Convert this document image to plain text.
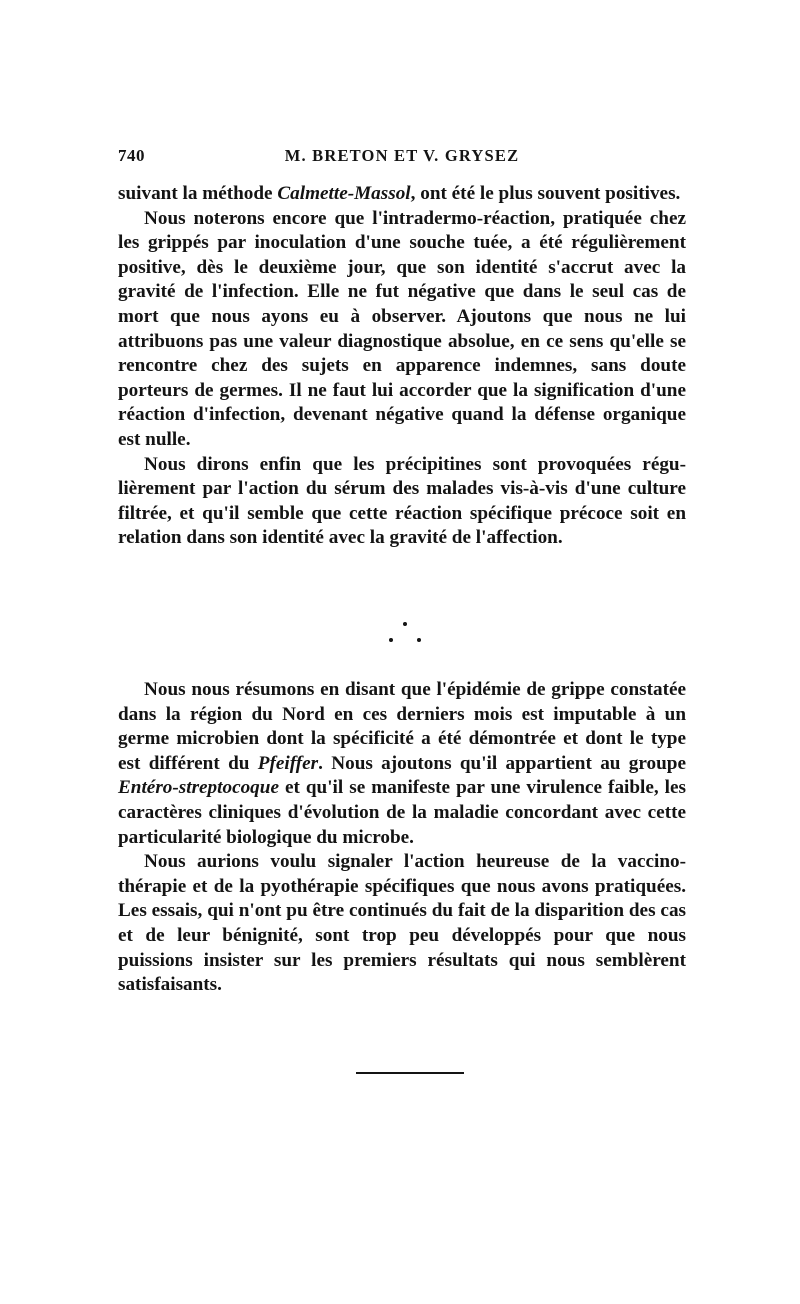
740	M. BRETON ET V. GRYSEZ

suivant la méthode Calmette-Massol, ont été le plus souvent positives.

Nous noterons encore que l'intradermo-réaction, pratiquée chez les grippés par inoculation d'une souche tuée, a été régulièrement positive, dès le deuxième jour, que son identité s'accrut avec la gravité de l'infection. Elle ne fut négative que dans le seul cas de mort que nous ayons eu à observer. Ajoutons que nous ne lui attribuons pas une valeur diagnostique absolue, en ce sens qu'elle se rencontre chez des sujets en apparence indemnes, sans doute porteurs de germes. Il ne faut lui accorder que la signification d'une réaction d'infection, devenant négative quand la défense organique est nulle.

Nous dirons enfin que les précipitines sont provoquées régulièrement par l'action du sérum des malades vis-à-vis d'une culture filtrée, et qu'il semble que cette réaction spécifique précoce soit en relation dans son identité avec la gravité de l'affection.

Nous nous résumons en disant que l'épidémie de grippe constatée dans la région du Nord en ces derniers mois est imputable à un germe microbien dont la spécificité a été démontrée et dont le type est différent du Pfeiffer. Nous ajoutons qu'il appartient au groupe Entéro-streptocoque et qu'il se manifeste par une virulence faible, les caractères cliniques d'évolution de la maladie concordant avec cette particularité biologique du microbe.

Nous aurions voulu signaler l'action heureuse de la vaccinothérapie et de la pyothérapie spécifiques que nous avons pratiquées. Les essais, qui n'ont pu être continués du fait de la disparition des cas et de leur bénignité, sont trop peu développés pour que nous puissions insister sur les premiers résultats qui nous semblèrent satisfaisants.
